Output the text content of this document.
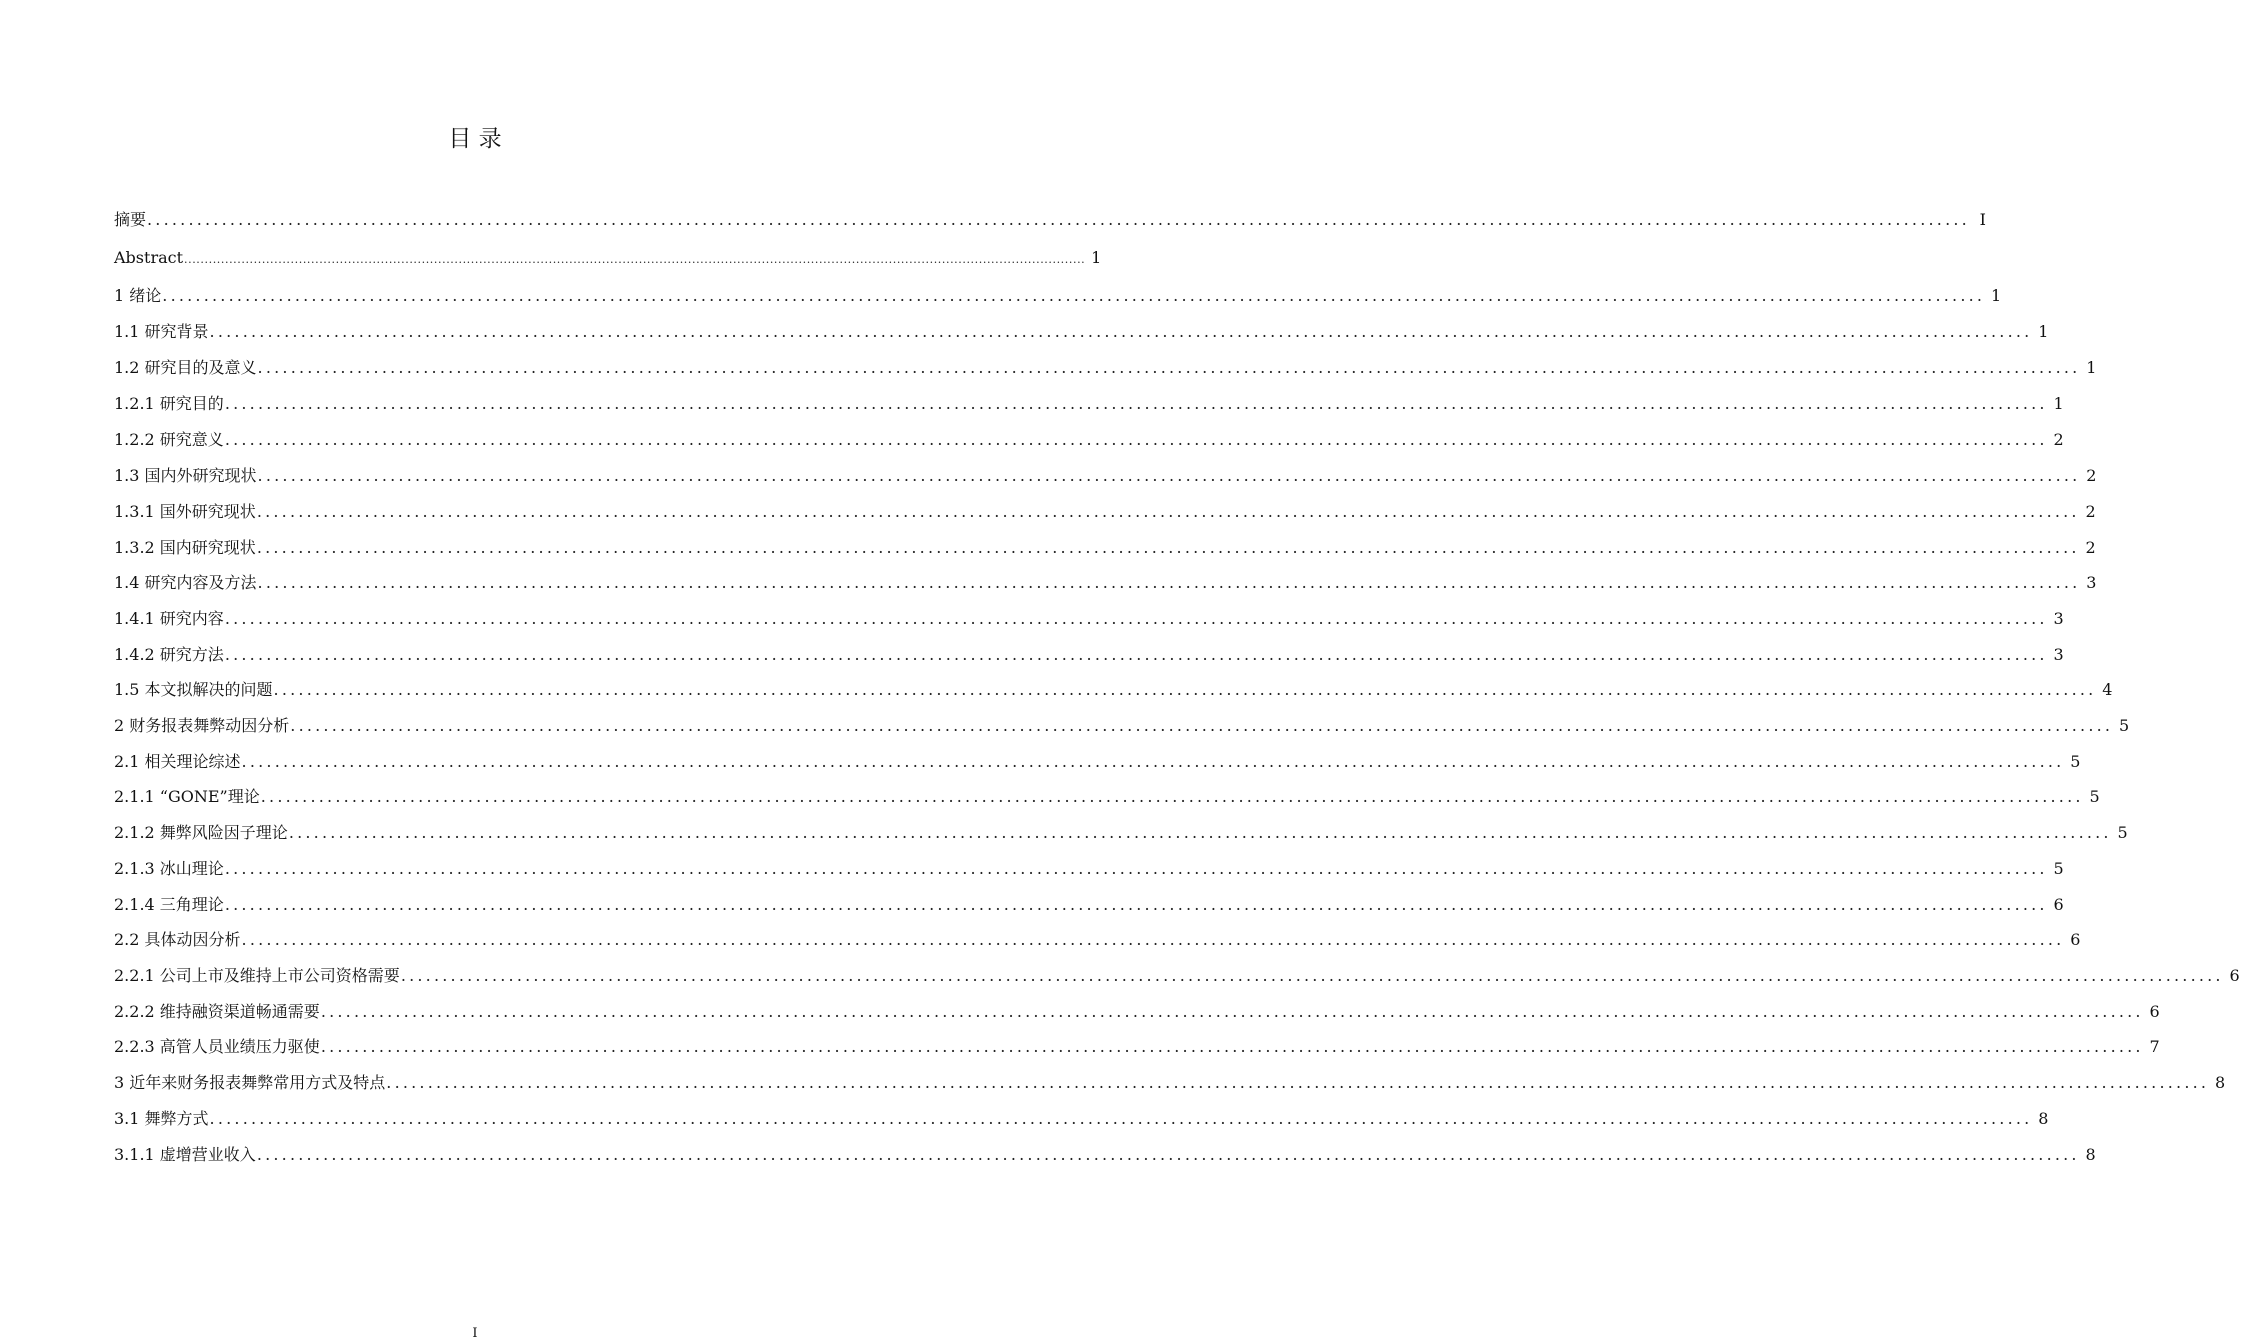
目 录
摘要 ............................................................................................................................................................................................................................ I
Abstract ............................................................................................................................................................................................................................ 1
1 绪论 ............................................................................................................................................................................................................................ 1
1.1 研究背景 ............................................................................................................................................................................................................................ 1
1.2 研究目的及意义 ............................................................................................................................................................................................................................ 1
1.2.1 研究目的 ............................................................................................................................................................................................................................ 1
1.2.2 研究意义 ............................................................................................................................................................................................................................ 2
1.3 国内外研究现状 ............................................................................................................................................................................................................................ 2
1.3.1 国外研究现状 ............................................................................................................................................................................................................................ 2
1.3.2 国内研究现状 ............................................................................................................................................................................................................................ 2
1.4 研究内容及方法 ............................................................................................................................................................................................................................ 3
1.4.1 研究内容 ............................................................................................................................................................................................................................ 3
1.4.2 研究方法 ............................................................................................................................................................................................................................ 3
1.5 本文拟解决的问题 ............................................................................................................................................................................................................................ 4
2 财务报表舞弊动因分析 ............................................................................................................................................................................................................................ 5
2.1 相关理论综述 ............................................................................................................................................................................................................................ 5
2.1.1 “GONE”理论 ............................................................................................................................................................................................................................ 5
2.1.2 舞弊风险因子理论 ............................................................................................................................................................................................................................ 5
2.1.3 冰山理论 ............................................................................................................................................................................................................................ 5
2.1.4 三角理论 ............................................................................................................................................................................................................................ 6
2.2 具体动因分析 ............................................................................................................................................................................................................................ 6
2.2.1 公司上市及维持上市公司资格需要 ............................................................................................................................................................................................................................ 6
2.2.2 维持融资渠道畅通需要 ............................................................................................................................................................................................................................ 6
2.2.3 高管人员业绩压力驱使 ............................................................................................................................................................................................................................ 7
3 近年来财务报表舞弊常用方式及特点 ............................................................................................................................................................................................................................ 8
3.1 舞弊方式 ............................................................................................................................................................................................................................ 8
3.1.1 虚增营业收入 ............................................................................................................................................................................................................................ 8
I
